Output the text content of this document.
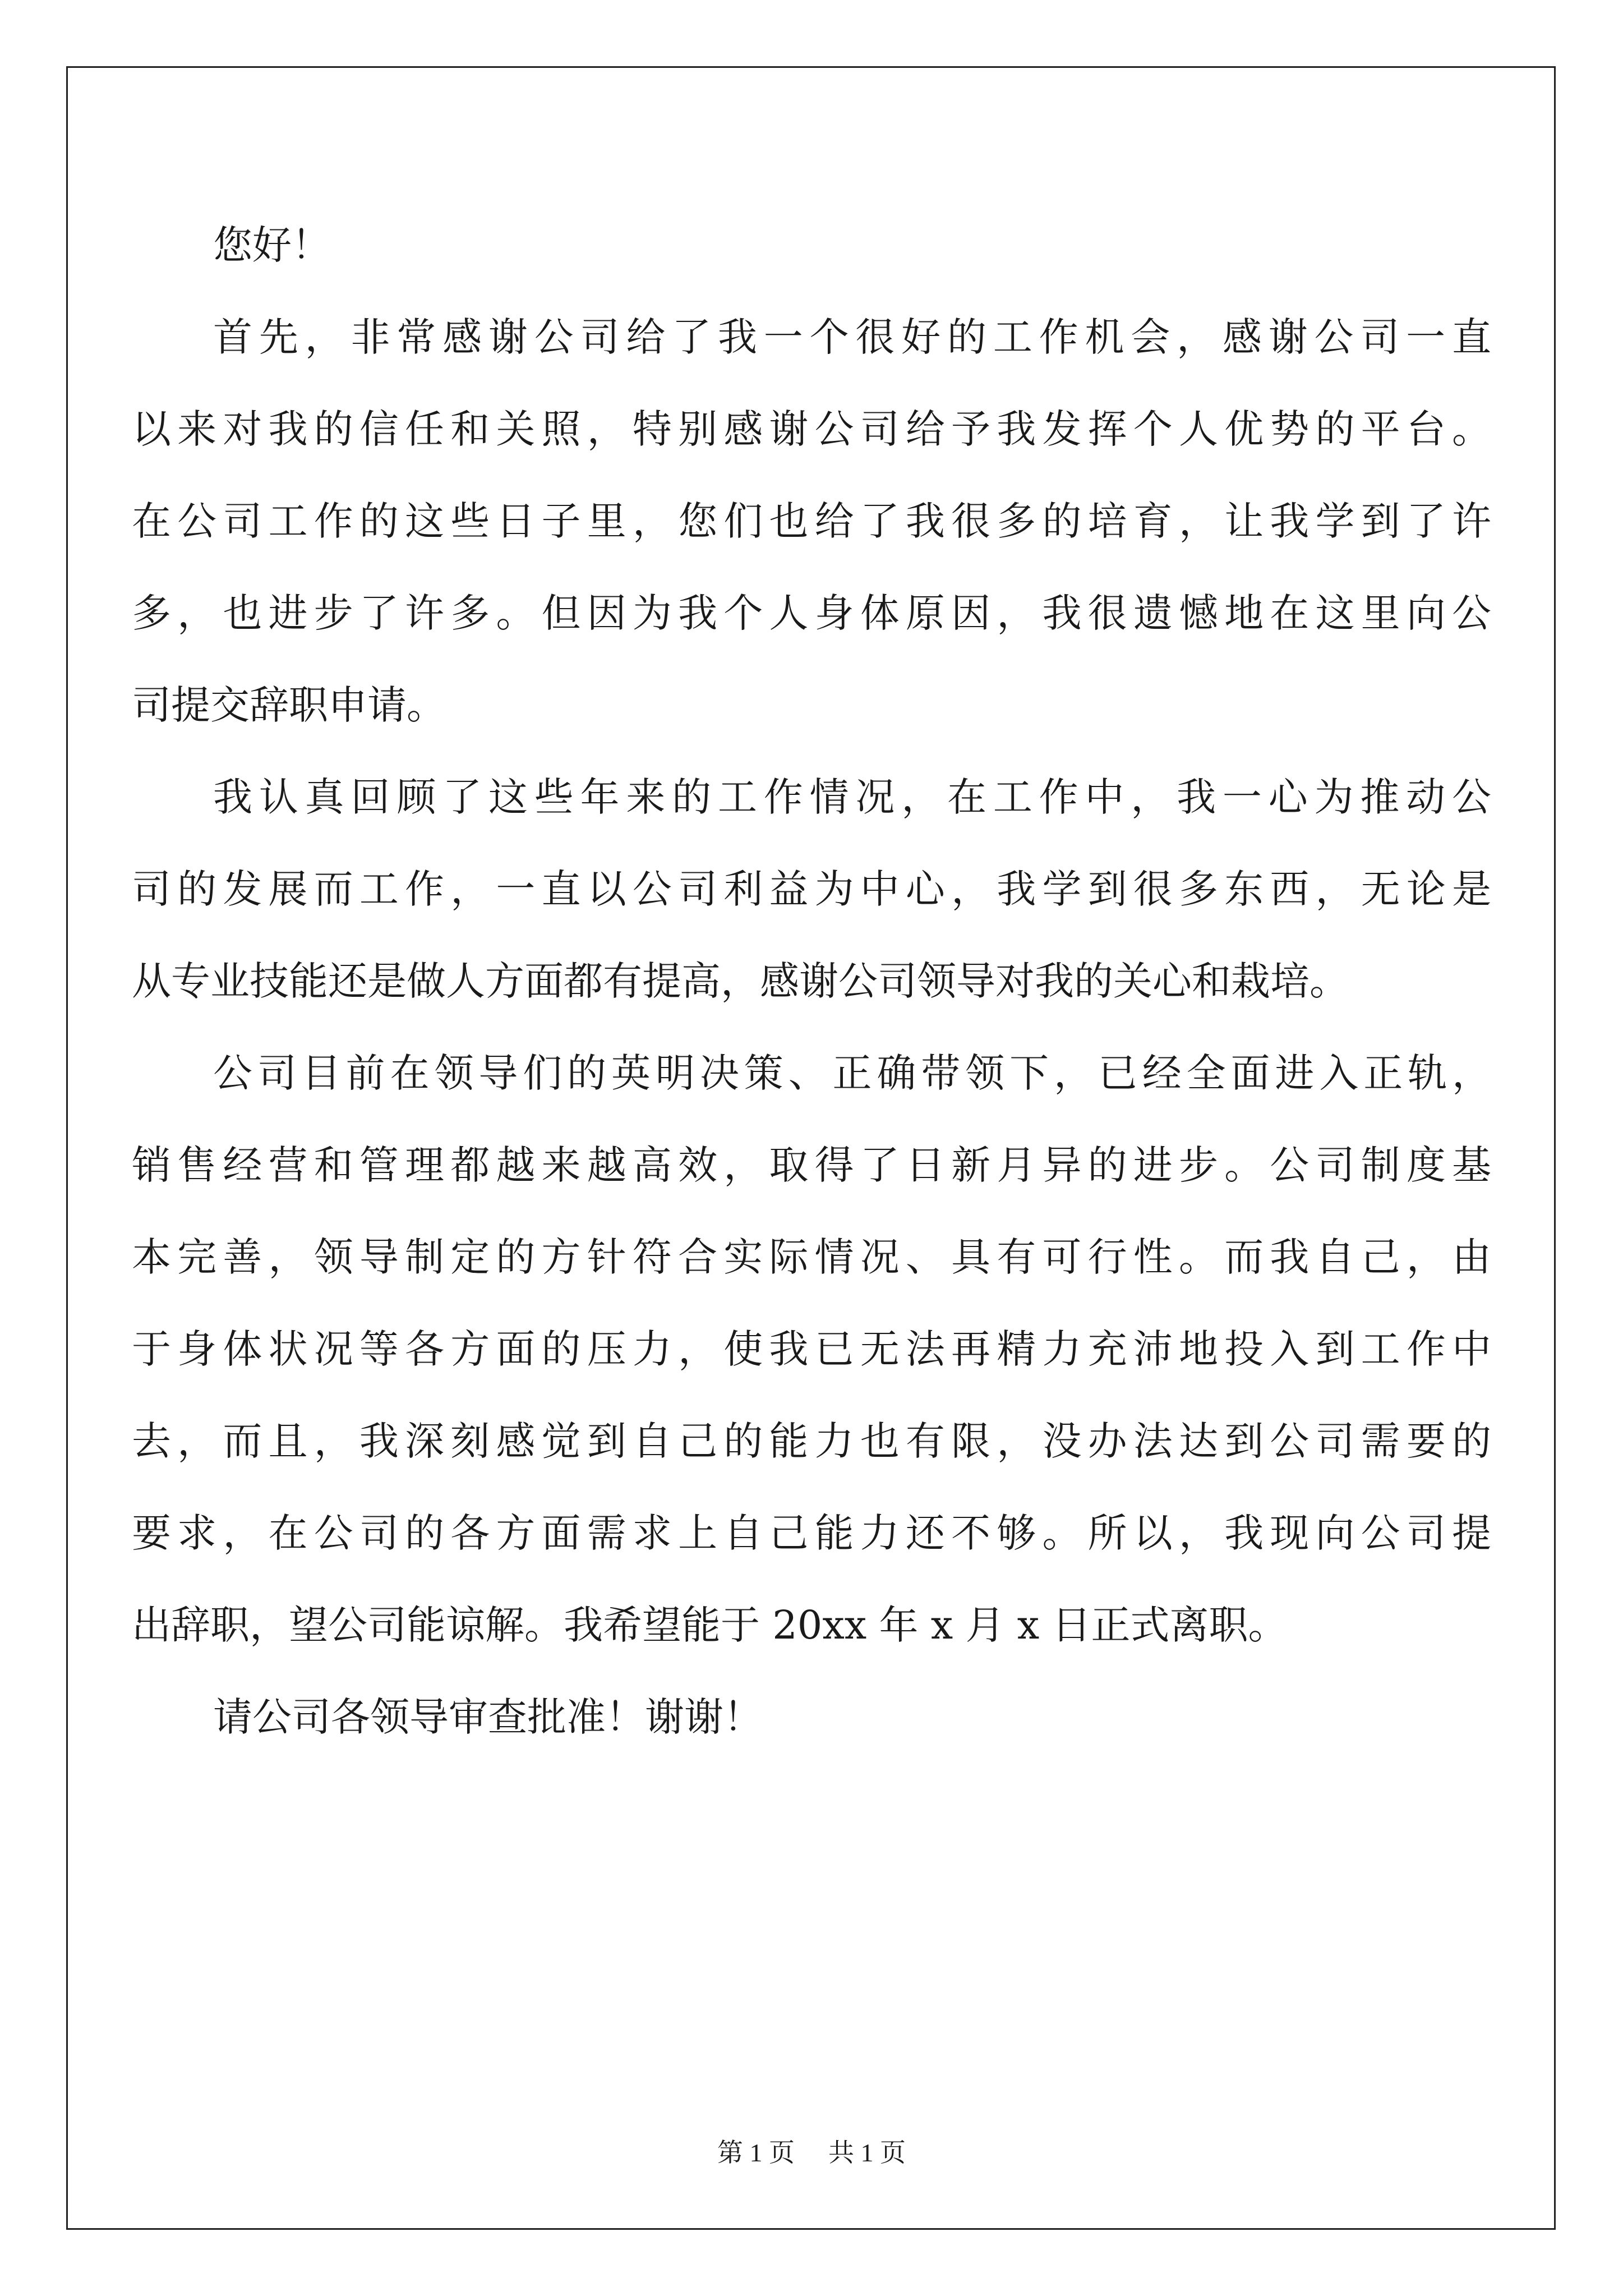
您好！
首先，非常感谢公司给了我一个很好的工作机会，感谢公司一直
以来对我的信任和关照，特别感谢公司给予我发挥个人优势的平台。
在公司工作的这些日子里，您们也给了我很多的培育，让我学到了许
多，也进步了许多。但因为我个人身体原因，我很遗憾地在这里向公
司提交辞职申请。
我认真回顾了这些年来的工作情况，在工作中，我一心为推动公
司的发展而工作，一直以公司利益为中心，我学到很多东西，无论是
从专业技能还是做人方面都有提高，感谢公司领导对我的关心和栽培。
公司目前在领导们的英明决策、正确带领下，已经全面进入正轨，
销售经营和管理都越来越高效，取得了日新月异的进步。公司制度基
本完善，领导制定的方针符合实际情况、具有可行性。而我自己，由
于身体状况等各方面的压力，使我已无法再精力充沛地投入到工作中
去，而且，我深刻感觉到自己的能力也有限，没办法达到公司需要的
要求，在公司的各方面需求上自己能力还不够。所以，我现向公司提
出辞职，望公司能谅解。我希望能于 20xx 年 x 月 x 日正式离职。
请公司各领导审查批准！谢谢！
第 1 页 共 1 页
